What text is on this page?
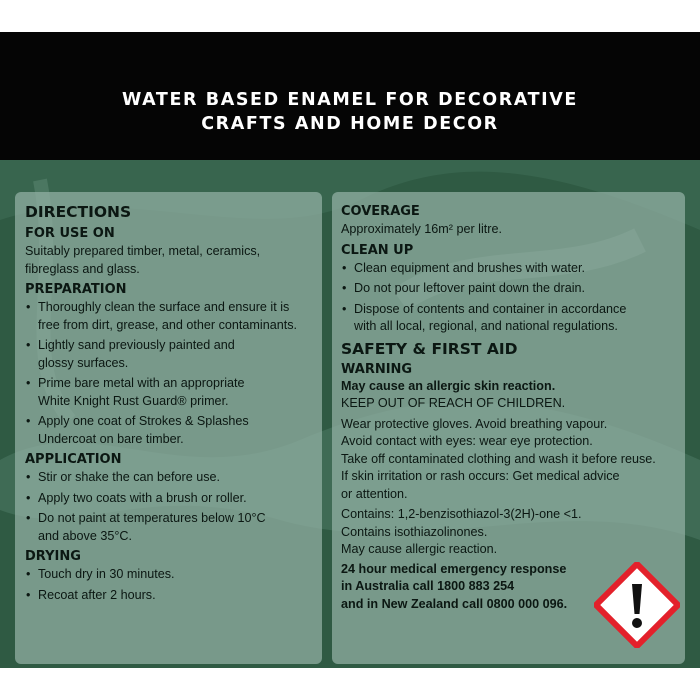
WATER BASED ENAMEL FOR DECORATIVE
CRAFTS AND HOME DECOR
DIRECTIONS
FOR USE ON

Suitably prepared timber, metal, ceramics,
fibreglass and glass.

PREPARATION
• Thoroughly clean the surface and ensure it is
free from dirt, grease, and other contaminants.
• Lightly sand previously painted and
glossy surfaces.
• Prime bare metal with an appropriate
White Knight Rust Guard® primer.
• Apply one coat of Strokes & Splashes
Undercoat on bare timber.
APPLICATION
• Stir or shake the can before use.
• Apply two coats with a brush or roller.
• Do not paint at temperatures below 10°C
and above 35°C.
DRYING
• Touch dry in 30 minutes.
• Recoat after 2 hours.
COVERAGE

Approximately 16m² per litre.

CLEAN UP
• Clean equipment and brushes with water.
• Do not pour leftover paint down the drain.
• Dispose of contents and container in accordance
with all local, regional, and national regulations.
SAFETY & FIRST AID
WARNING

May cause an allergic skin reaction.

KEEP OUT OF REACH OF CHILDREN.

Wear protective gloves. Avoid breathing vapour.

Avoid contact with eyes: wear eye protection.

Take off contaminated clothing and wash it before reuse.

If skin irritation or rash occurs: Get medical advice
or attention.

Contains: 1,2-benzisothiazol-3(2H)-one <1.

Contains isothiazolinones.

May cause allergic reaction.

24 hour medical emergency response
in Australia call 1800 883 254
and in New Zealand call 0800 000 096.
